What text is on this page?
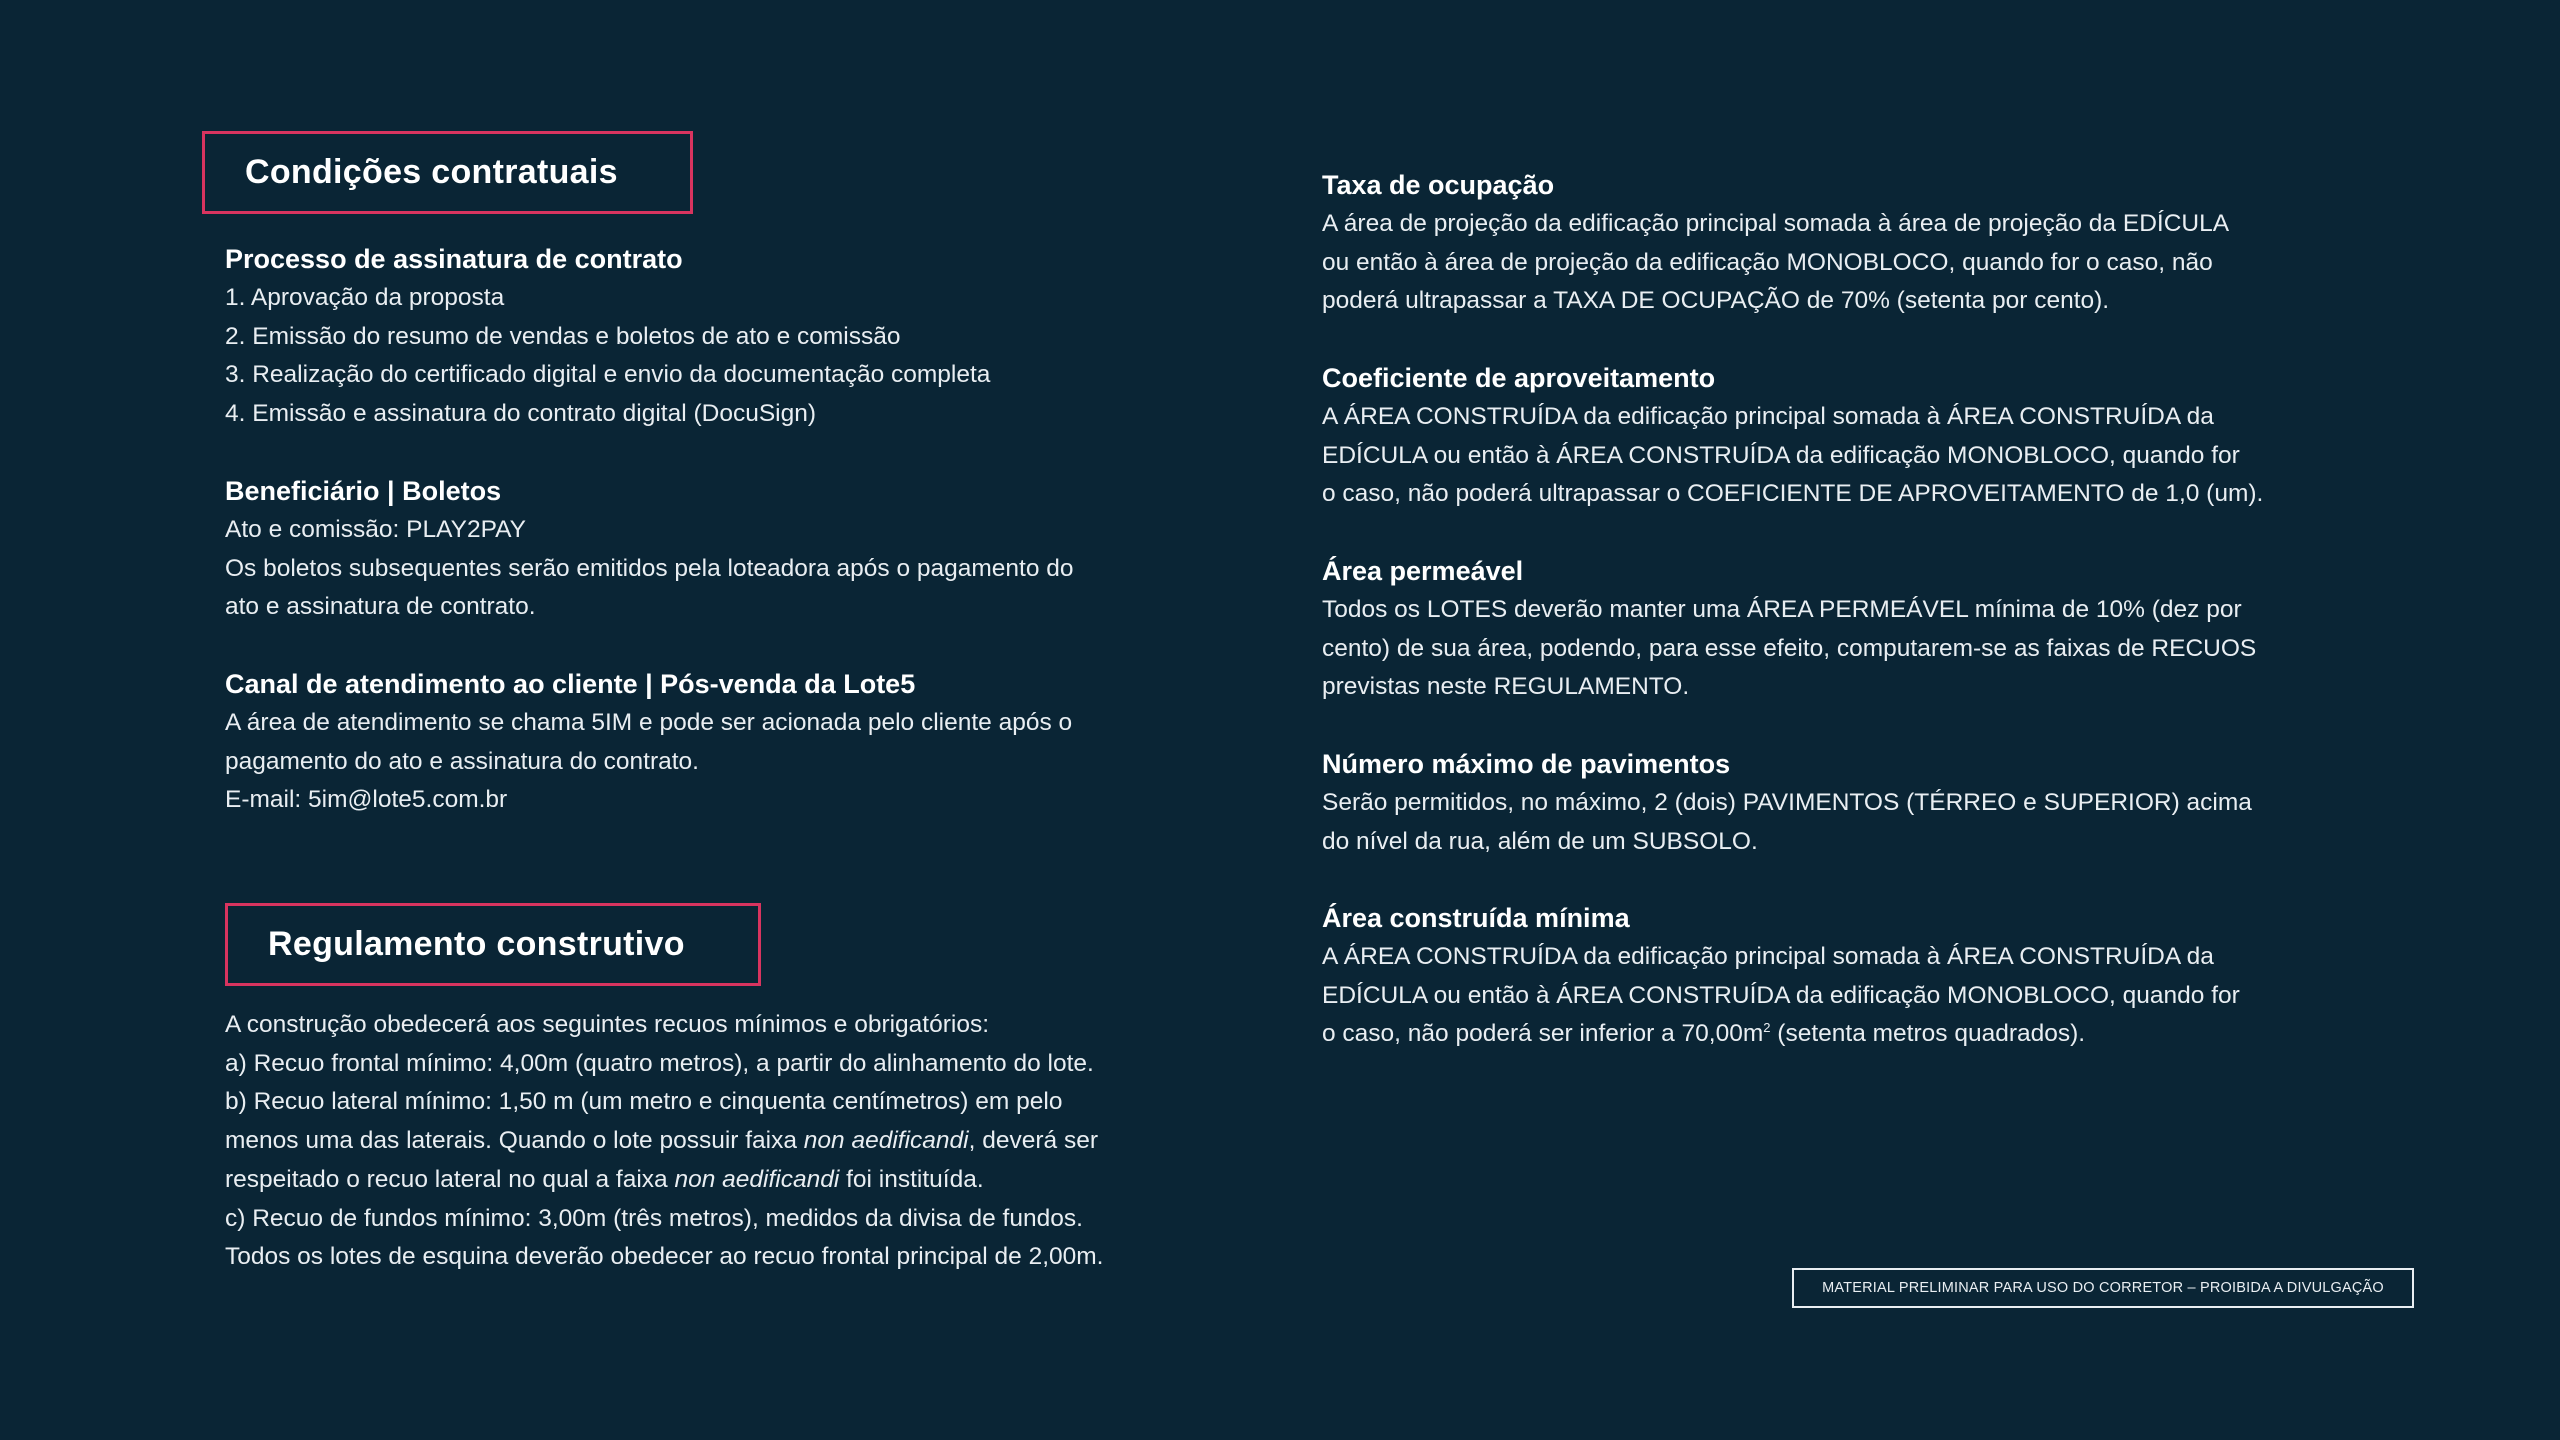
Condições contratuais
Processo de assinatura de contrato
1. Aprovação da proposta
2. Emissão do resumo de vendas e boletos de ato e comissão
3. Realização do certificado digital e envio da documentação completa
4. Emissão e assinatura do contrato digital (DocuSign)
Beneficiário | Boletos
Ato e comissão: PLAY2PAY
Os boletos subsequentes serão emitidos pela loteadora após o pagamento do
ato e assinatura de contrato.
Canal de atendimento ao cliente | Pós-venda da Lote5
A área de atendimento se chama 5IM e pode ser acionada pelo cliente após o
pagamento do ato e assinatura do contrato.
E-mail: 5im@lote5.com.br
Regulamento construtivo
A construção obedecerá aos seguintes recuos mínimos e obrigatórios:
a) Recuo frontal mínimo: 4,00m (quatro metros), a partir do alinhamento do lote.
b) Recuo lateral mínimo: 1,50 m (um metro e cinquenta centímetros) em pelo
menos uma das laterais. Quando o lote possuir faixa non aedificandi, deverá ser
respeitado o recuo lateral no qual a faixa non aedificandi foi instituída.
c) Recuo de fundos mínimo: 3,00m (três metros), medidos da divisa de fundos.
Todos os lotes de esquina deverão obedecer ao recuo frontal principal de 2,00m.
Taxa de ocupação
A área de projeção da edificação principal somada à área de projeção da EDÍCULA
ou então à área de projeção da edificação MONOBLOCO, quando for o caso, não
poderá ultrapassar a TAXA DE OCUPAÇÃO de 70% (setenta por cento).
Coeficiente de aproveitamento
A ÁREA CONSTRUÍDA da edificação principal somada à ÁREA CONSTRUÍDA da
EDÍCULA ou então à ÁREA CONSTRUÍDA da edificação MONOBLOCO, quando for
o caso, não poderá ultrapassar o COEFICIENTE DE APROVEITAMENTO de 1,0 (um).
Área permeável
Todos os LOTES deverão manter uma ÁREA PERMEÁVEL mínima de 10% (dez por
cento) de sua área, podendo, para esse efeito, computarem-se as faixas de RECUOS
previstas neste REGULAMENTO.
Número máximo de pavimentos
Serão permitidos, no máximo, 2 (dois) PAVIMENTOS (TÉRREO e SUPERIOR) acima
do nível da rua, além de um SUBSOLO.
Área construída mínima
A ÁREA CONSTRUÍDA da edificação principal somada à ÁREA CONSTRUÍDA da
EDÍCULA ou então à ÁREA CONSTRUÍDA da edificação MONOBLOCO, quando for
o caso, não poderá ser inferior a $70,00m^2$ (setenta metros quadrados).
MATERIAL PRELIMINAR PARA USO DO CORRETOR – PROIBIDA A DIVULGAÇÃO
